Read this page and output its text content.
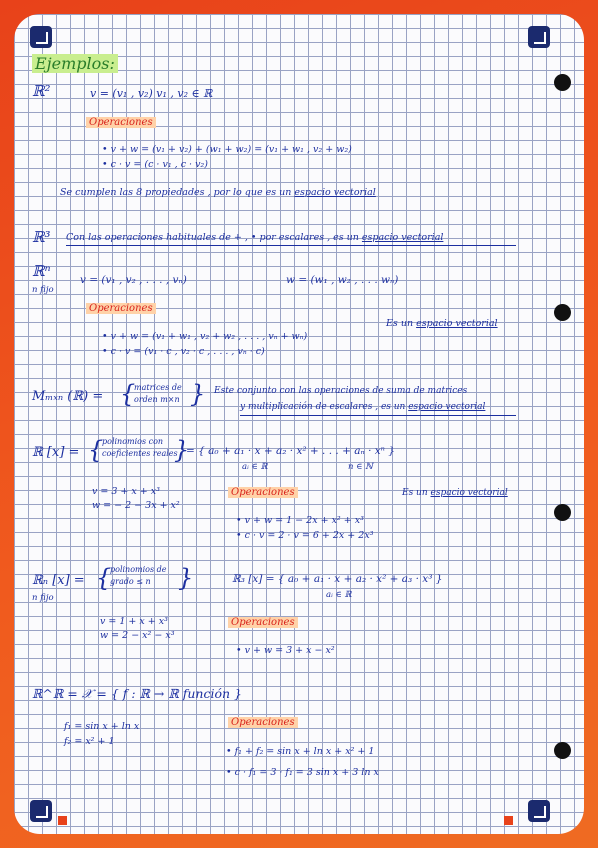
Ejemplos:
ℝ²	v = (v₁ , v₂) v₁ , v₂ ∈ ℝ
Operaciones
• v + w = (v₁ + v₂) + (w₁ + w₂) = (v₁ + w₁ , v₂ + w₂)
• c · v = (c · v₁ , c · v₂)
Se cumplen las 8 propiedades , por lo que es un espacio vectorial
ℝ³ Con las operaciones habituales de + , • por escalares , es un espacio vectorial
ℝⁿ
n fijo
v = (v₁ , v₂ , . . . , vₙ)	w = (w₁ , w₂ , . . . wₙ)
Operaciones
Es un espacio vectorial
• v + w = (v₁ + w₁ , v₂ + w₂ , . . . , vₙ + wₙ)
• c · v = (v₁ · c , v₂ · c , . . . , vₙ · c)
Mₘₓₙ (ℝ) = {
matrices de
orden m×n } Este conjunto con las operaciones de suma de matrices
y multiplicación de escalares , es un espacio vectorial
ℝ [x] = {
polinomios con
coeficientes reales
}
= { a₀ + a₁ · x + a₂ · x² + . . . + aₙ · xⁿ }
aᵢ ∈ ℝ	n ∈ ℕ
v = 3 + x + x³
w = − 2 − 3x + x²
Operaciones	Es un espacio vectorial
• v + w = 1 − 2x + x² + x³
• c · v = 2 · v = 6 + 2x + 2x³
ℝₙ [x] =
n fijo
{
polinomios de
grado ≤ n }	ℝ₃ [x] = { a₀ + a₁ · x + a₂ · x² + a₃ · x³ }
aᵢ ∈ ℝ
v = 1 + x + x³
w = 2 − x² − x³
Operaciones
• v + w = 3 + x − x²
ℝ^ℝ = 𝒳 = { f : ℝ → ℝ función }
f₁ = sin x + ln x
f₂ = x² + 1
Operaciones
• f₁ + f₂ = sin x + ln x + x² + 1
• c · f₁ = 3 · f₁ = 3 sin x + 3 ln x
